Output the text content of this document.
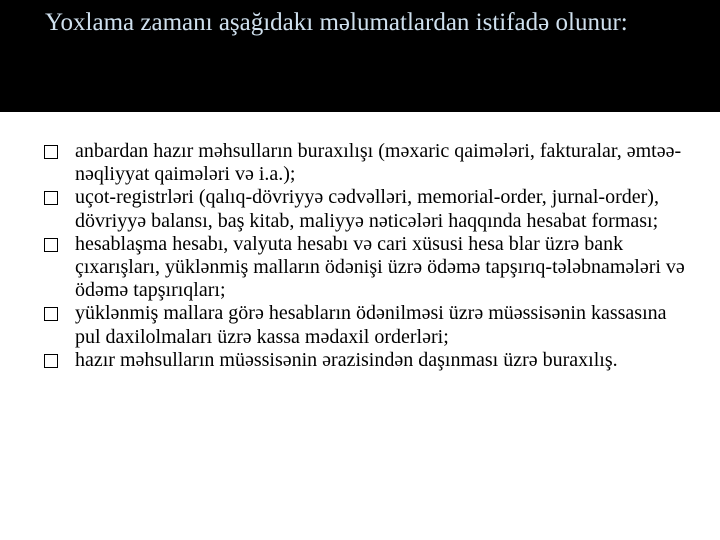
Yoxlama zamanı aşağıdakı məlumatlardan istifadə olunur:
anbardan hazır məhsulların buraxılışı (məxaric qaimələri, fakturalar, əmtəə-nəqliyyat qaimələri və i.a.);
uçot-registrləri (qalıq-dövriyyə cədvəlləri, memorial-order, jurnal-order), dövriyyə balansı, baş kitab, maliyyə nəticələri haqqında hesabat forması;
hesablaşma hesabı, valyuta hesabı və cari xüsusi hesa blar üzrə bank çıxarışları, yüklənmiş malların ödənişi üzrə ödəmə tapşırıq-tələbnamələri və ödəmə tapşırıqları;
yüklənmiş mallara görə hesabların ödənilməsi üzrə müəssisənin kassasına pul daxilolmaları üzrə kassa mədaxil orderləri;
hazır məhsulların müəssisənin ərazisindən daşınması üzrə buraxılış.
